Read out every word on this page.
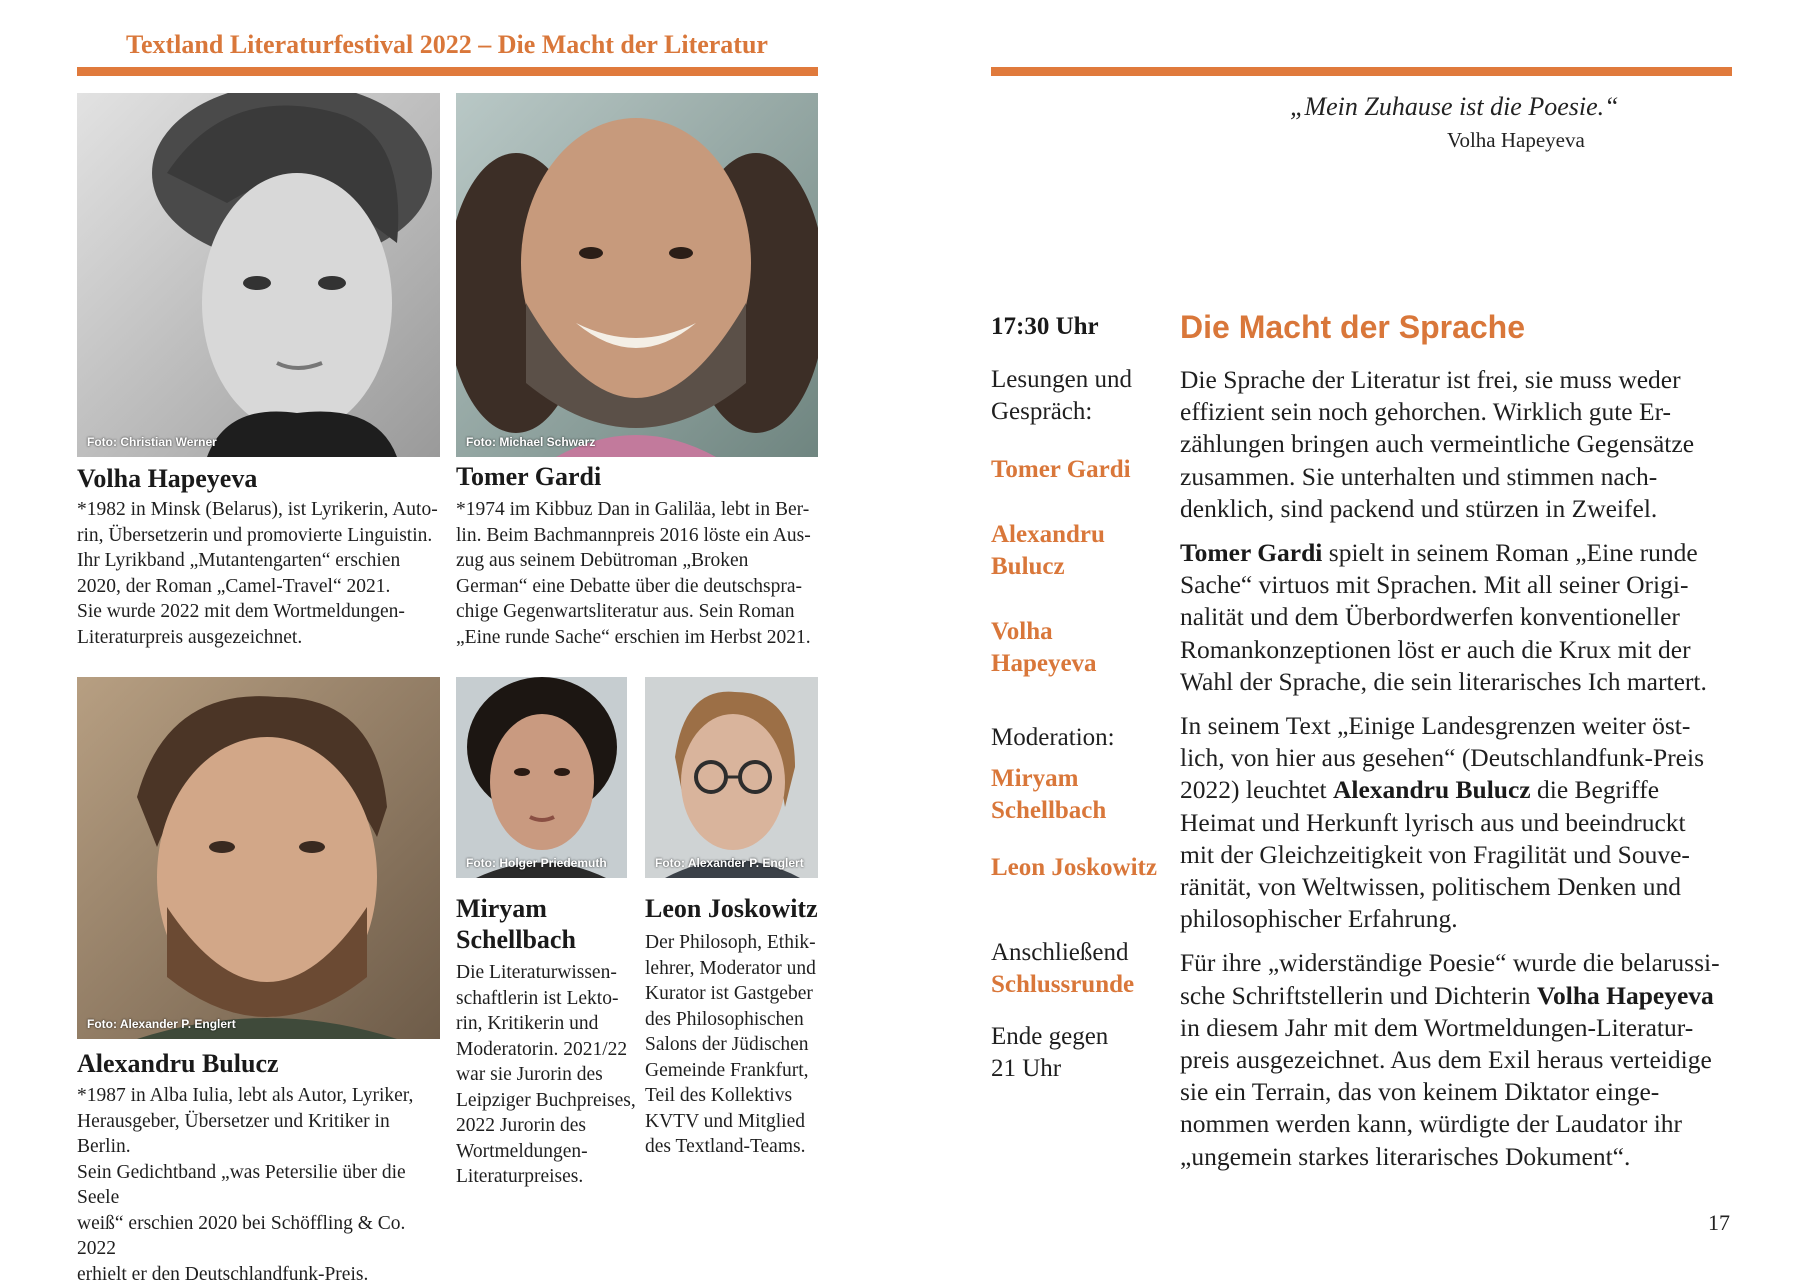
Textland Literaturfestival 2022 – Die Macht der Literatur
Foto: Christian Werner	Foto: Michael Schwarz
Volha Hapeyeva
*1982 in Minsk (Belarus), ist Lyrikerin, Auto-
rin, Übersetzerin und promovierte Linguistin.
Ihr Lyrikband „Mutantengarten“ erschien
2020, der Roman „Camel-Travel“ 2021.
Sie wurde 2022 mit dem Wortmeldungen-
Literaturpreis ausgezeichnet.
Tomer Gardi
*1974 im Kibbuz Dan in Galiläa, lebt in Ber-
lin. Beim Bachmannpreis 2016 löste ein Aus-
zug aus seinem Debütroman „Broken
German“ eine Debatte über die deutschspra-
chige Gegenwartsliteratur aus. Sein Roman
„Eine runde Sache“ erschien im Herbst 2021.
Foto: Alexander P. Englert
Foto: Holger Priedemuth	Foto: Alexander P. Englert
Alexandru Bulucz
*1987 in Alba Iulia, lebt als Autor, Lyriker,
Herausgeber, Übersetzer und Kritiker in Berlin.
Sein Gedichtband „was Petersilie über die Seele
weiß“ erschien 2020 bei Schöffling & Co. 2022
erhielt er den Deutschlandfunk-Preis.
Miryam
Schellbach
Die Literaturwissen-
schaftlerin ist Lekto-
rin, Kritikerin und
Moderatorin. 2021/22
war sie Jurorin des
Leipziger Buchpreises,
2022 Jurorin des
Wortmeldungen-
Literaturpreises.
Leon Joskowitz
Der Philosoph, Ethik-
lehrer, Moderator und
Kurator ist Gastgeber
des Philosophischen
Salons der Jüdischen
Gemeinde Frankfurt,
Teil des Kollektivs
KVTV und Mitglied
des Textland-Teams.
„Mein Zuhause ist die Poesie.“
Volha Hapeyeva
17:30 Uhr	Die Macht der Sprache
Lesungen und
Gespräch:
Tomer Gardi
Alexandru
Bulucz
Volha
Hapeyeva
Moderation:
Miryam
Schellbach
Leon Joskowitz
Anschließend
Schlussrunde
Ende gegen
21 Uhr

Die Sprache der Literatur ist frei, sie muss weder
effizient sein noch gehorchen. Wirklich gute Er-
zählungen bringen auch vermeintliche Gegensätze
zusammen. Sie unterhalten und stimmen nach-
denklich, sind packend und stürzen in Zweifel.

Tomer Gardi spielt in seinem Roman „Eine runde
Sache“ virtuos mit Sprachen. Mit all seiner Origi-
nalität und dem Überbordwerfen konventioneller
Romankonzeptionen löst er auch die Krux mit der
Wahl der Sprache, die sein literarisches Ich martert.

In seinem Text „Einige Landesgrenzen weiter öst-
lich, von hier aus gesehen“ (Deutschlandfunk-Preis
2022) leuchtet Alexandru Bulucz die Begriffe
Heimat und Herkunft lyrisch aus und beeindruckt
mit der Gleichzeitigkeit von Fragilität und Souve-
ränität, von Weltwissen, politischem Denken und
philosophischer Erfahrung.

Für ihre „widerständige Poesie“ wurde die belarussi-
sche Schriftstellerin und Dichterin Volha Hapeyeva
in diesem Jahr mit dem Wortmeldungen-Literatur-
preis ausgezeichnet. Aus dem Exil heraus verteidige
sie ein Terrain, das von keinem Diktator einge-
nommen werden kann, würdigte der Laudator ihr
„ungemein starkes literarisches Dokument“.

17
